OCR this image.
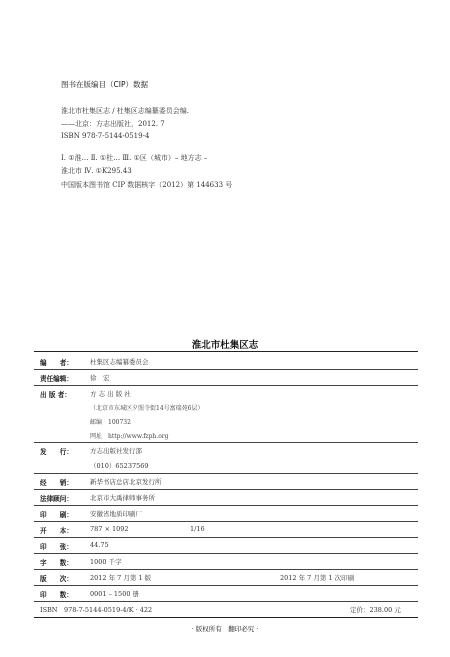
图书在版编目（CIP）数据
淮北市杜集区志 / 杜集区志编纂委员会编.
——北京：方志出版社，2012. 7
ISBN 978-7-5144-0519-4
Ⅰ. ①淮… Ⅱ. ①杜… Ⅲ. ①区（城市）– 地方志 –
淮北市 Ⅳ. ①K295.43
中国版本图书馆 CIP 数据核字（2012）第 144633 号
淮北市杜集区志
编　　者：	杜集区志编纂委员会
责任编辑：	徐　宏
出 版 者：	方 志 出 版 社
（北京市东城区夕照寺街14号富瑞苑6层）
邮编　100732
网址　http://www.fzph.org
发　　行：	方志出版社发行部
（010）65237569
经　　销：	新华书店总店北京发行所
法律顾问：	北京市大禹律师事务所
印　　刷：	安徽省地质印刷厂
开　　本：	787 × 1092	1/16
印　　张：	44.75
字　　数：	1000 千字
版　　次：	2012 年 7 月第 1 版	2012 年 7 月第 1 次印刷
印　　数：	0001 – 1500 册
ISBN　978-7-5144-0519-4/K · 422	定价：238.00 元
· 版权所有　翻印必究 ·
